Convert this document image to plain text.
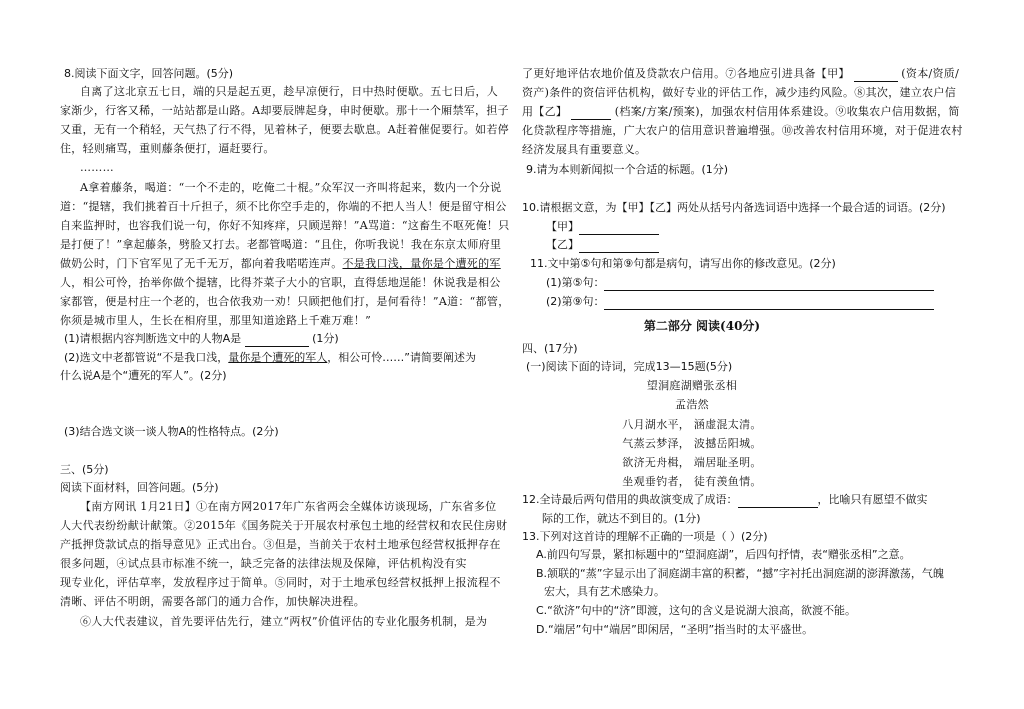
8.阅读下面文字，回答问题。(5分)
自离了这北京五七日，端的只是起五更，趁早凉便行，日中热时便歇。五七日后，人
家渐少，行客又稀，一站站都是山路。A却要辰牌起身，申时便歇。那十一个厢禁军，担子
又重，无有一个稍轻，天气热了行不得，见着林子，便要去歇息。A赶着催促要行。如若停
住，轻则痛骂，重则藤条便打，逼赶要行。
………
A拿着藤条，喝道：“一个不走的，吃俺二十棍。”众军汉一齐叫将起来，数内一个分说
道：“提辖，我们挑着百十斤担子，须不比你空手走的，你端的不把人当人！便是留守相公
自来监押时，也容我们说一句，你好不知疼痒，只顾逞辩！”A骂道：“这畜生不呕死俺！只
是打便了！”拿起藤条，劈脸又打去。老都管喝道：“且住，你听我说！我在东京太师府里
做奶公时，门下官军见了无千无万，都向着我喏喏连声。不是我口浅，量你是个遭死的军
人，相公可怜，抬举你做个提辖，比得芥菜子大小的官职，直得恁地逞能！休说我是相公
家都管，便是村庄一个老的，也合依我劝一劝！只顾把他们打，是何看待！”A道：“都管，
你须是城市里人，生长在相府里，那里知道途路上千难万难！”
(1)请根据内容判断选文中的人物A是	(1分)
(2)选文中老都管说“不是我口浅，量你是个遭死的军人，相公可怜……”请简要阐述为
什么说A是个“遭死的军人”。(2分)
(3)结合选文谈一谈人物A的性格特点。(2分)
三、(5分)
阅读下面材料，回答问题。(5分)
【南方网讯 1月21日】①在南方网2017年广东省两会全媒体访谈现场，广东省多位
人大代表纷纷献计献策。②2015年《国务院关于开展农村承包土地的经营权和农民住房财
产抵押贷款试点的指导意见》正式出台。③但是，当前关于农村土地承包经营权抵押存在
很多问题，④试点县市标准不统一，缺乏完备的法律法规及保障，评估机构没有实
现专业化，评估草率，发放程序过于简单。⑤同时，对于土地承包经营权抵押上报流程不
清晰、评估不明朗，需要各部门的通力合作，加快解决进程。
⑥人大代表建议，首先要评估先行，建立“两权”价值评估的专业化服务机制，是为
了更好地评估农地价值及贷款农户信用。⑦各地应引进具备【甲】	(资本/资质/
资产)条件的资信评估机构，做好专业的评估工作，减少违约风险。⑧其次，建立农户信
用【乙】	(档案/方案/预案)，加强农村信用体系建设。⑨收集农户信用数据，简
化贷款程序等措施，广大农户的信用意识普遍增强。⑩改善农村信用环境，对于促进农村
经济发展具有重要意义。
9.请为本则新闻拟一个合适的标题。(1分)
10.请根据文意，为【甲】【乙】两处从括号内备选词语中选择一个最合适的词语。(2分)
【甲】
【乙】
11.文中第⑤句和第⑨句都是病句，请写出你的修改意见。(2分)
(1)第⑤句：
(2)第⑨句：
第二部分 阅读(40分)
四、(17分)
(一)阅读下面的诗词，完成13—15题(5分)
望洞庭湖赠张丞相
孟浩然
八月湖水平， 涵虚混太清。
气蒸云梦泽， 波撼岳阳城。
欲济无舟楫， 端居耻圣明。
坐观垂钓者， 徒有羡鱼情。
12.全诗最后两句借用的典故演变成了成语：	，比喻只有愿望不做实
际的工作，就达不到目的。(1分)
13.下列对这首诗的理解不正确的一项是（ ）(2分)
A.前四句写景，紧扣标题中的“望洞庭湖”，后四句抒情，表“赠张丞相”之意。
B.颔联的“蒸”字显示出了洞庭湖丰富的积蓄，“撼”字衬托出洞庭湖的澎湃激荡，气魄
宏大，具有艺术感染力。
C.“欲济”句中的“济”即渡，这句的含义是说湖大浪高，欲渡不能。
D.“端居”句中“端居”即闲居，“圣明”指当时的太平盛世。
